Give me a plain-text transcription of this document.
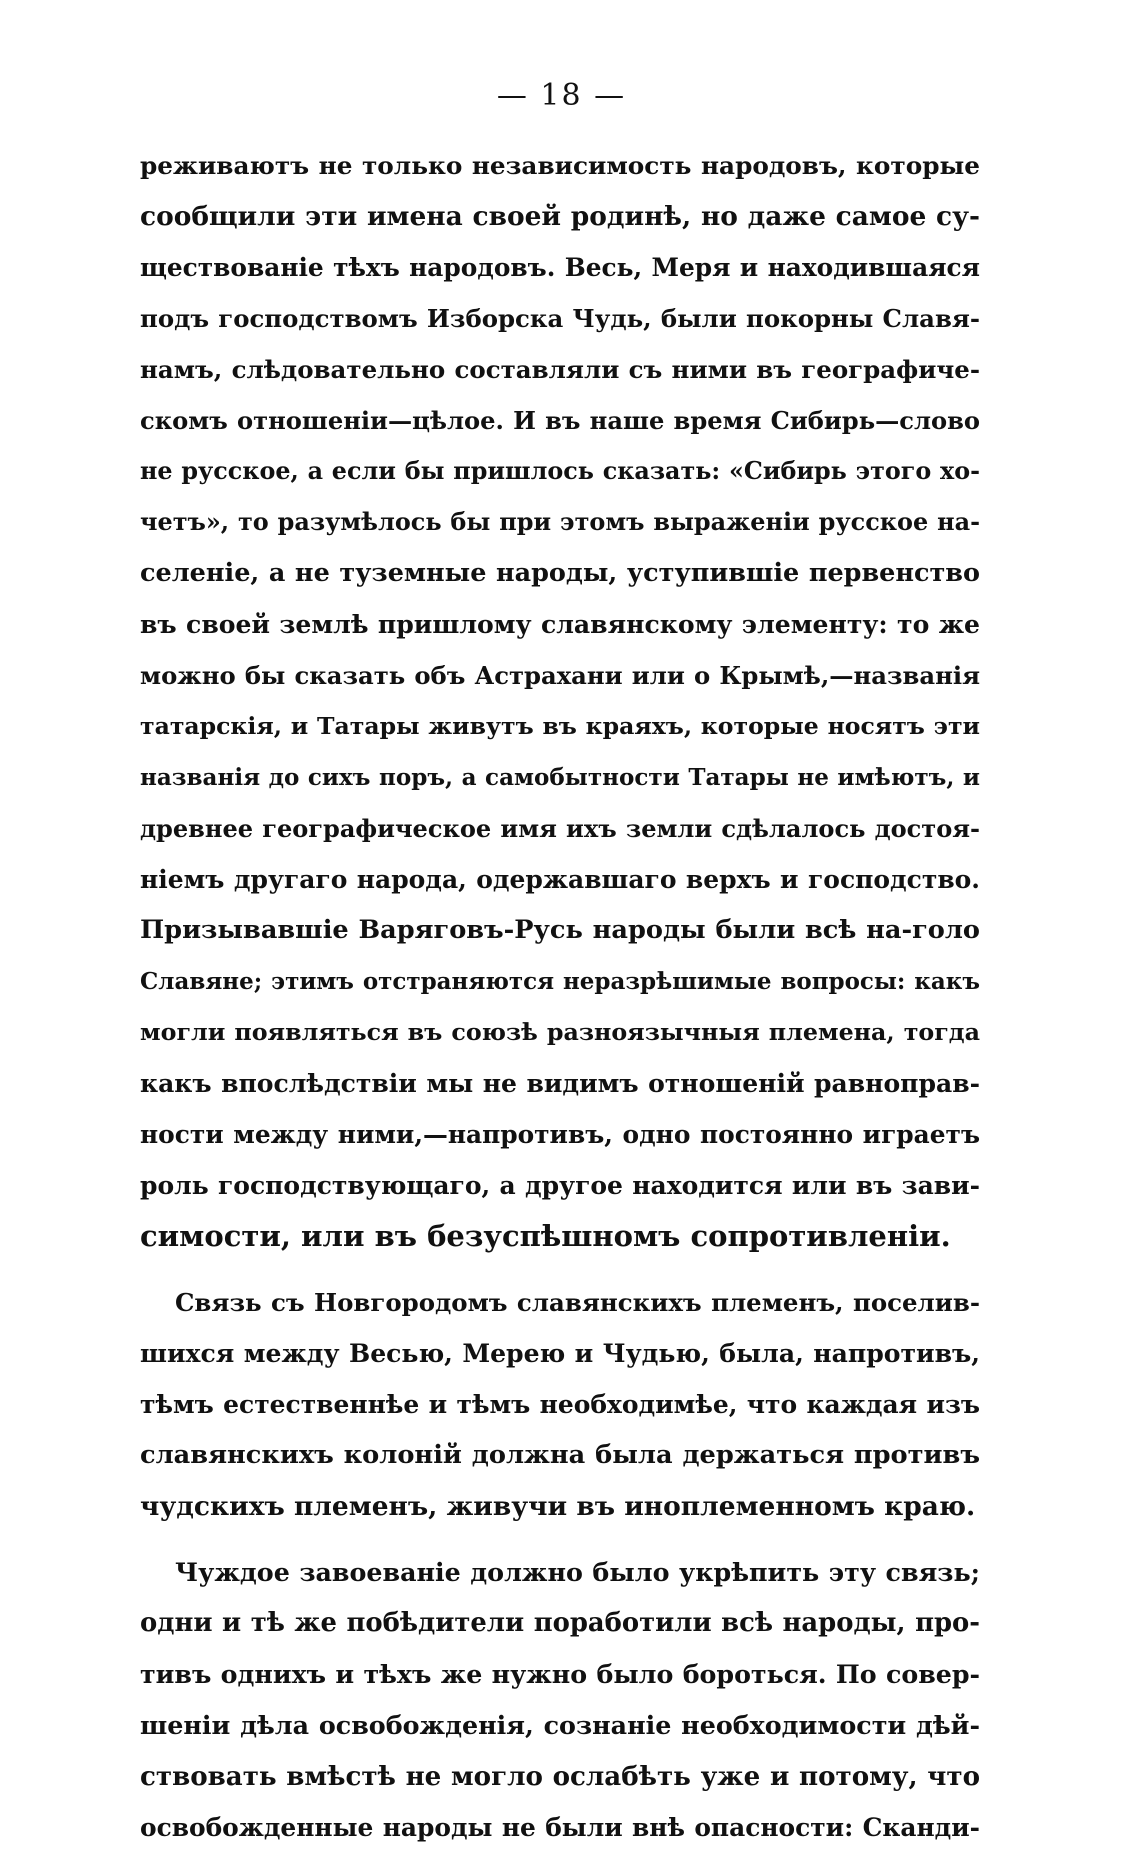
— 18 —
реживаютъ не только независимость народовъ, которые
сообщили эти имена своей родинѣ, но даже самое су-
ществованіе тѣхъ народовъ. Весь, Меря и находившаяся
подъ господствомъ Изборска Чудь, были покорны Славя-
намъ, слѣдовательно составляли съ ними въ географиче-
скомъ отношеніи—цѣлое. И въ наше время Сибирь—слово
не русское, а если бы пришлось сказать: «Сибирь этого хо-
четъ», то разумѣлось бы при этомъ выраженіи русское на-
селеніе, а не туземные народы, уступившіе первенство
въ своей землѣ пришлому славянскому элементу: то же
можно бы сказать объ Астрахани или о Крымѣ,—названія
татарскія, и Татары живутъ въ краяхъ, которые носятъ эти
названія до сихъ поръ, а самобытности Татары не имѣютъ, и
древнее географическое имя ихъ земли сдѣлалось достоя-
ніемъ другаго народа, одержавшаго верхъ и господство.
Призывавшіе Варяговъ-Русь народы были всѣ на-голо
Славяне; этимъ отстраняются неразрѣшимые вопросы: какъ
могли появляться въ союзѣ разноязычныя племена, тогда
какъ впослѣдствіи мы не видимъ отношеній равноправ-
ности между ними,—напротивъ, одно постоянно играетъ
роль господствующаго, а другое находится или въ зави-
симости, или въ безуспѣшномъ сопротивленіи.
Связь съ Новгородомъ славянскихъ племенъ, поселив-
шихся между Весью, Мерею и Чудью, была, напротивъ,
тѣмъ естественнѣе и тѣмъ необходимѣе, что каждая изъ
славянскихъ колоній должна была держаться противъ
чудскихъ племенъ, живучи въ иноплеменномъ краю.
Чуждое завоеваніе должно было укрѣпить эту связь;
одни и тѣ же побѣдители поработили всѣ народы, про-
тивъ однихъ и тѣхъ же нужно было бороться. По совер-
шеніи дѣла освобожденія, сознаніе необходимости дѣй-
ствовать вмѣстѣ не могло ослабѣть уже и потому, что
освобожденные народы не были внѣ опасности: Сканди-
